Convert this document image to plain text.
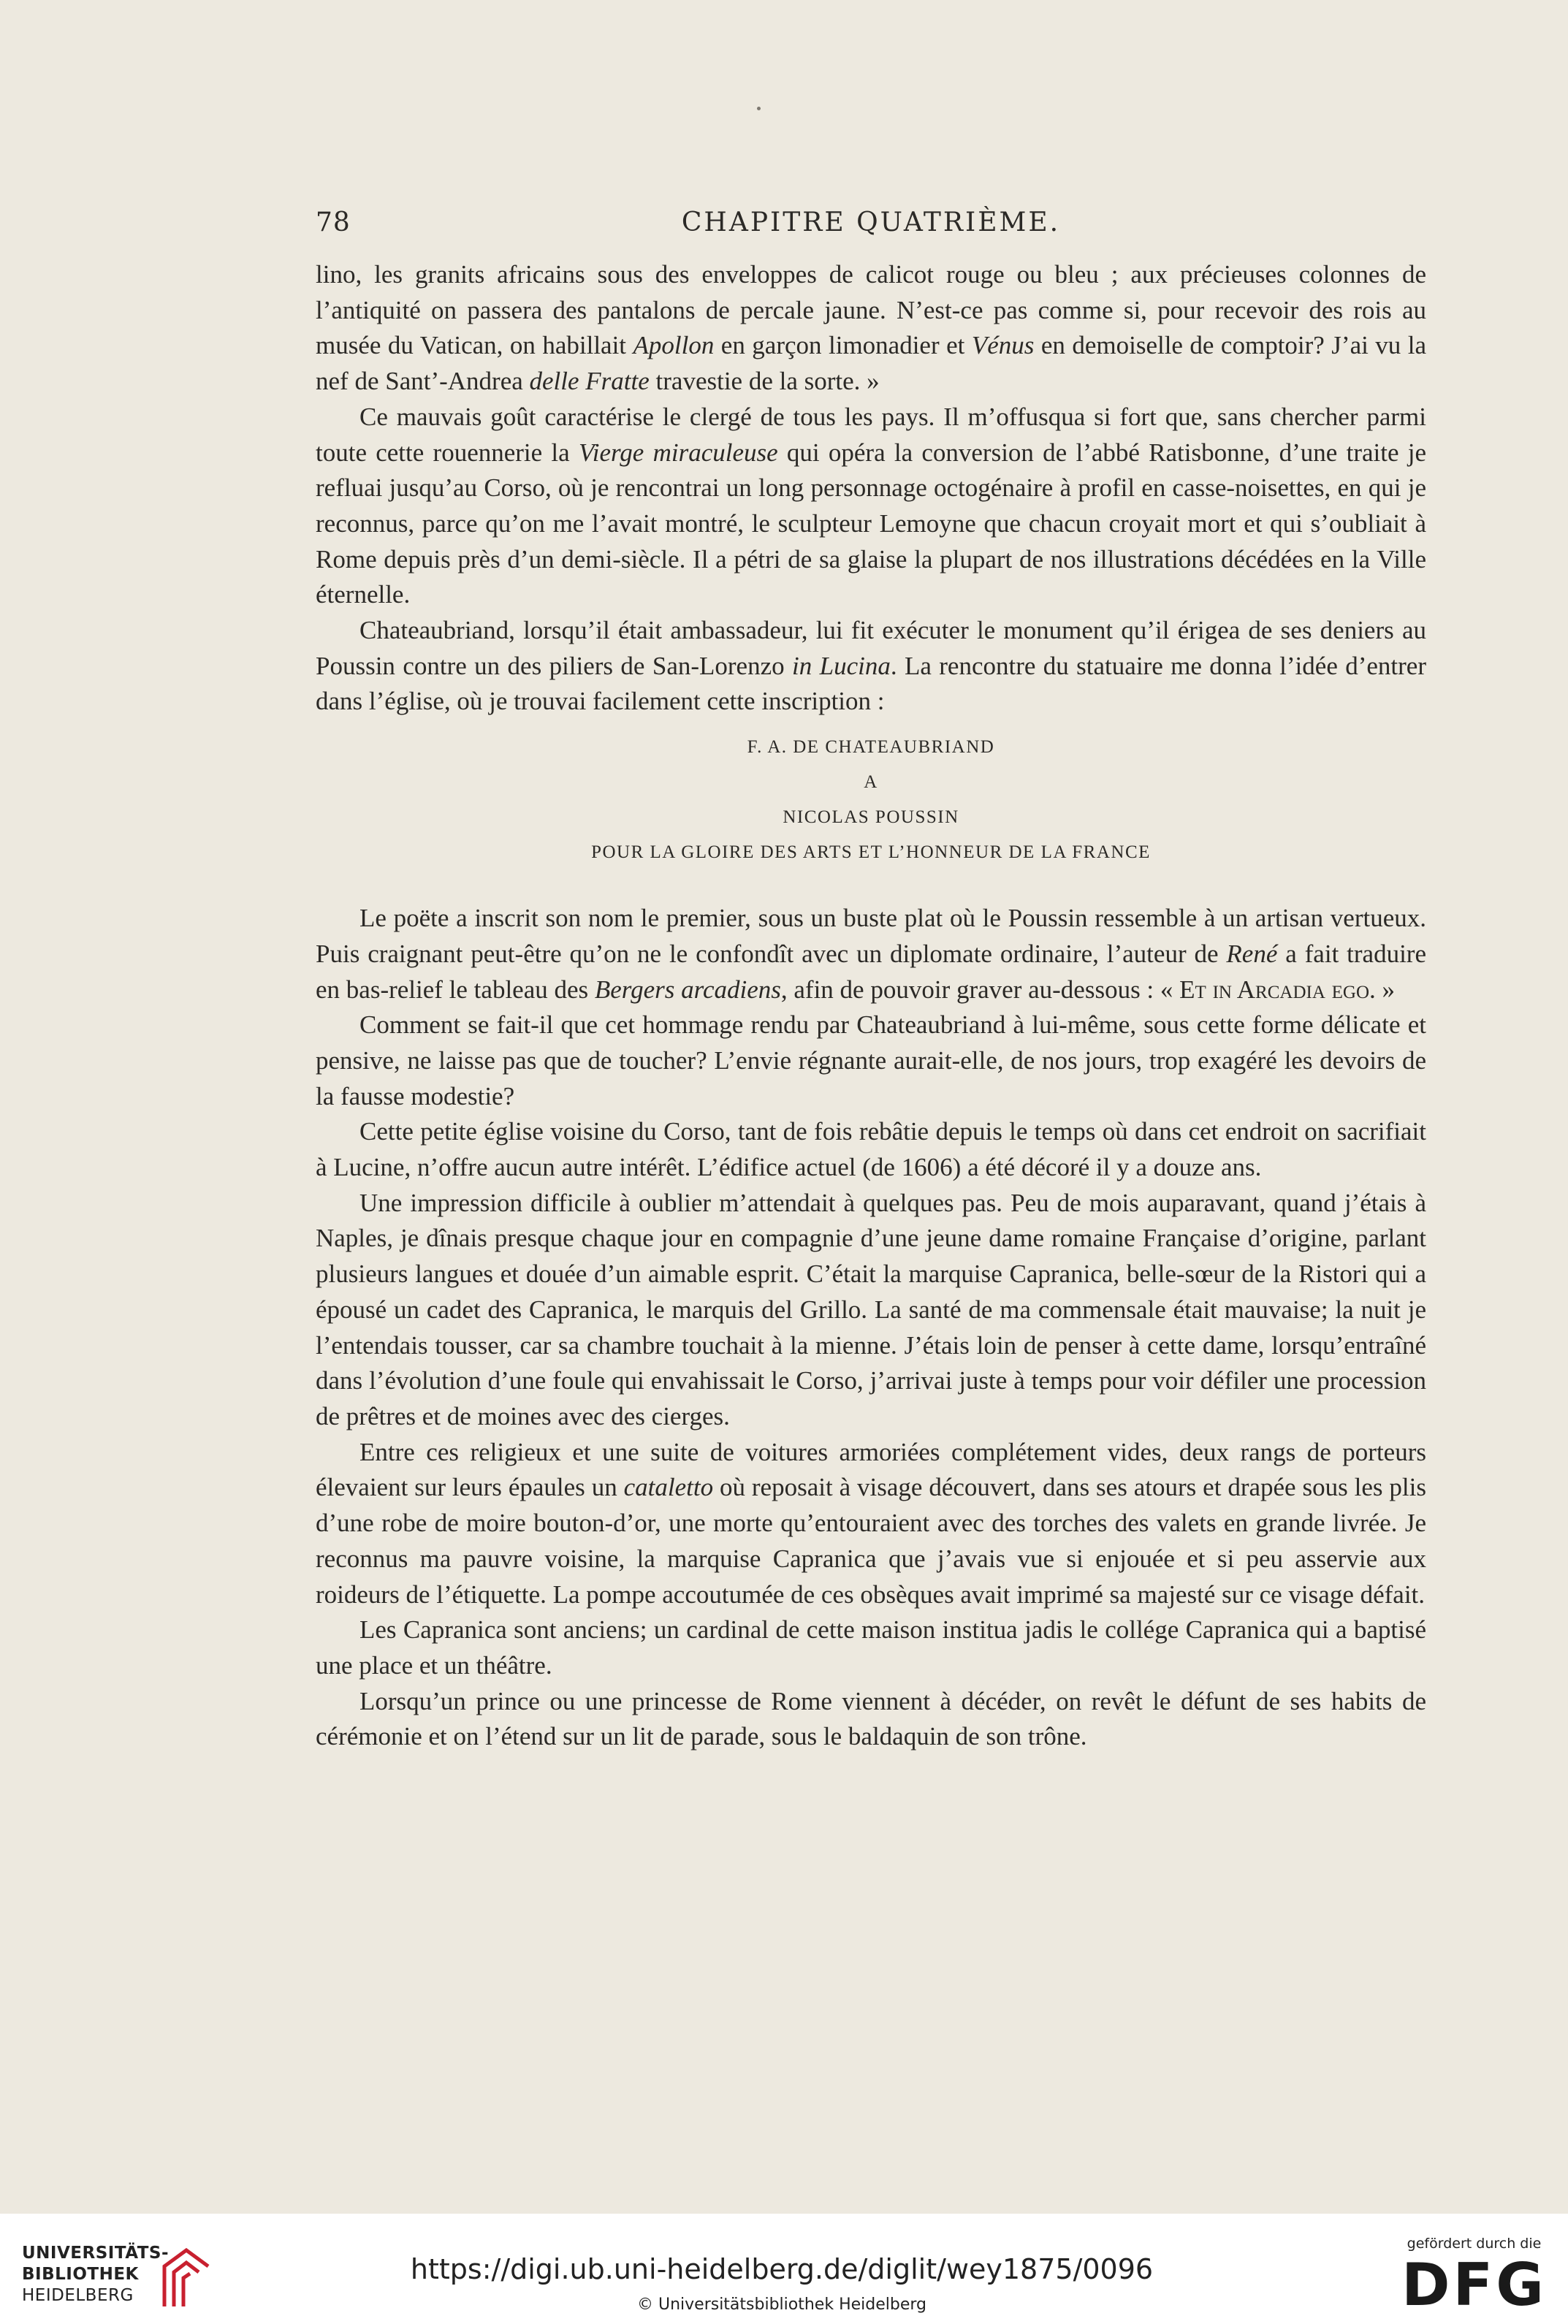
78	CHAPITRE QUATRIÈME.

lino, les granits africains sous des enveloppes de calicot rouge ou bleu ; aux précieuses colonnes de l’antiquité on passera des pantalons de percale jaune. N’est-ce pas comme si, pour recevoir des rois au musée du Vatican, on habillait Apollon en garçon limonadier et Vénus en demoiselle de comptoir? J’ai vu la nef de Sant’-Andrea delle Fratte travestie de la sorte. »

Ce mauvais goût caractérise le clergé de tous les pays. Il m’offusqua si fort que, sans chercher parmi toute cette rouennerie la Vierge miraculeuse qui opéra la conversion de l’abbé Ratisbonne, d’une traite je refluai jusqu’au Corso, où je rencontrai un long personnage octogénaire à profil en casse-noisettes, en qui je reconnus, parce qu’on me l’avait montré, le sculpteur Lemoyne que chacun croyait mort et qui s’oubliait à Rome depuis près d’un demi-siècle. Il a pétri de sa glaise la plupart de nos illustrations décédées en la Ville éternelle.

Chateaubriand, lorsqu’il était ambassadeur, lui fit exécuter le monument qu’il érigea de ses deniers au Poussin contre un des piliers de San-Lorenzo in Lucina. La rencontre du statuaire me donna l’idée d’entrer dans l’église, où je trouvai facilement cette inscription :

F. A. DE CHATEAUBRIAND
A
NICOLAS POUSSIN
POUR LA GLOIRE DES ARTS ET L’HONNEUR DE LA FRANCE

Le poëte a inscrit son nom le premier, sous un buste plat où le Poussin ressemble à un artisan vertueux. Puis craignant peut-être qu’on ne le confondît avec un diplomate ordinaire, l’auteur de René a fait traduire en bas-relief le tableau des Bergers arcadiens, afin de pouvoir graver au-dessous : « Et in Arcadia ego. »

Comment se fait-il que cet hommage rendu par Chateaubriand à lui-même, sous cette forme délicate et pensive, ne laisse pas que de toucher? L’envie régnante aurait-elle, de nos jours, trop exagéré les devoirs de la fausse modestie?

Cette petite église voisine du Corso, tant de fois rebâtie depuis le temps où dans cet endroit on sacrifiait à Lucine, n’offre aucun autre intérêt. L’édifice actuel (de 1606) a été décoré il y a douze ans.

Une impression difficile à oublier m’attendait à quelques pas. Peu de mois auparavant, quand j’étais à Naples, je dînais presque chaque jour en compagnie d’une jeune dame romaine Française d’origine, parlant plusieurs langues et douée d’un aimable esprit. C’était la marquise Capranica, belle-sœur de la Ristori qui a épousé un cadet des Capranica, le marquis del Grillo. La santé de ma commensale était mauvaise; la nuit je l’entendais tousser, car sa chambre touchait à la mienne. J’étais loin de penser à cette dame, lorsqu’entraîné dans l’évolution d’une foule qui envahissait le Corso, j’arrivai juste à temps pour voir défiler une procession de prêtres et de moines avec des cierges.

Entre ces religieux et une suite de voitures armoriées complétement vides, deux rangs de porteurs élevaient sur leurs épaules un cataletto où reposait à visage découvert, dans ses atours et drapée sous les plis d’une robe de moire bouton-d’or, une morte qu’entouraient avec des torches des valets en grande livrée. Je reconnus ma pauvre voisine, la marquise Capranica que j’avais vue si enjouée et si peu asservie aux roideurs de l’étiquette. La pompe accoutumée de ces obsèques avait imprimé sa majesté sur ce visage défait.

Les Capranica sont anciens; un cardinal de cette maison institua jadis le collége Capranica qui a baptisé une place et un théâtre.

Lorsqu’un prince ou une princesse de Rome viennent à décéder, on revêt le défunt de ses habits de cérémonie et on l’étend sur un lit de parade, sous le baldaquin de son trône.

UNIVERSITÄTS-
BIBLIOTHEK
HEIDELBERG
https://digi.ub.uni-heidelberg.de/diglit/wey1875/0096
© Universitätsbibliothek Heidelberg
gefördert durch die
DFG
